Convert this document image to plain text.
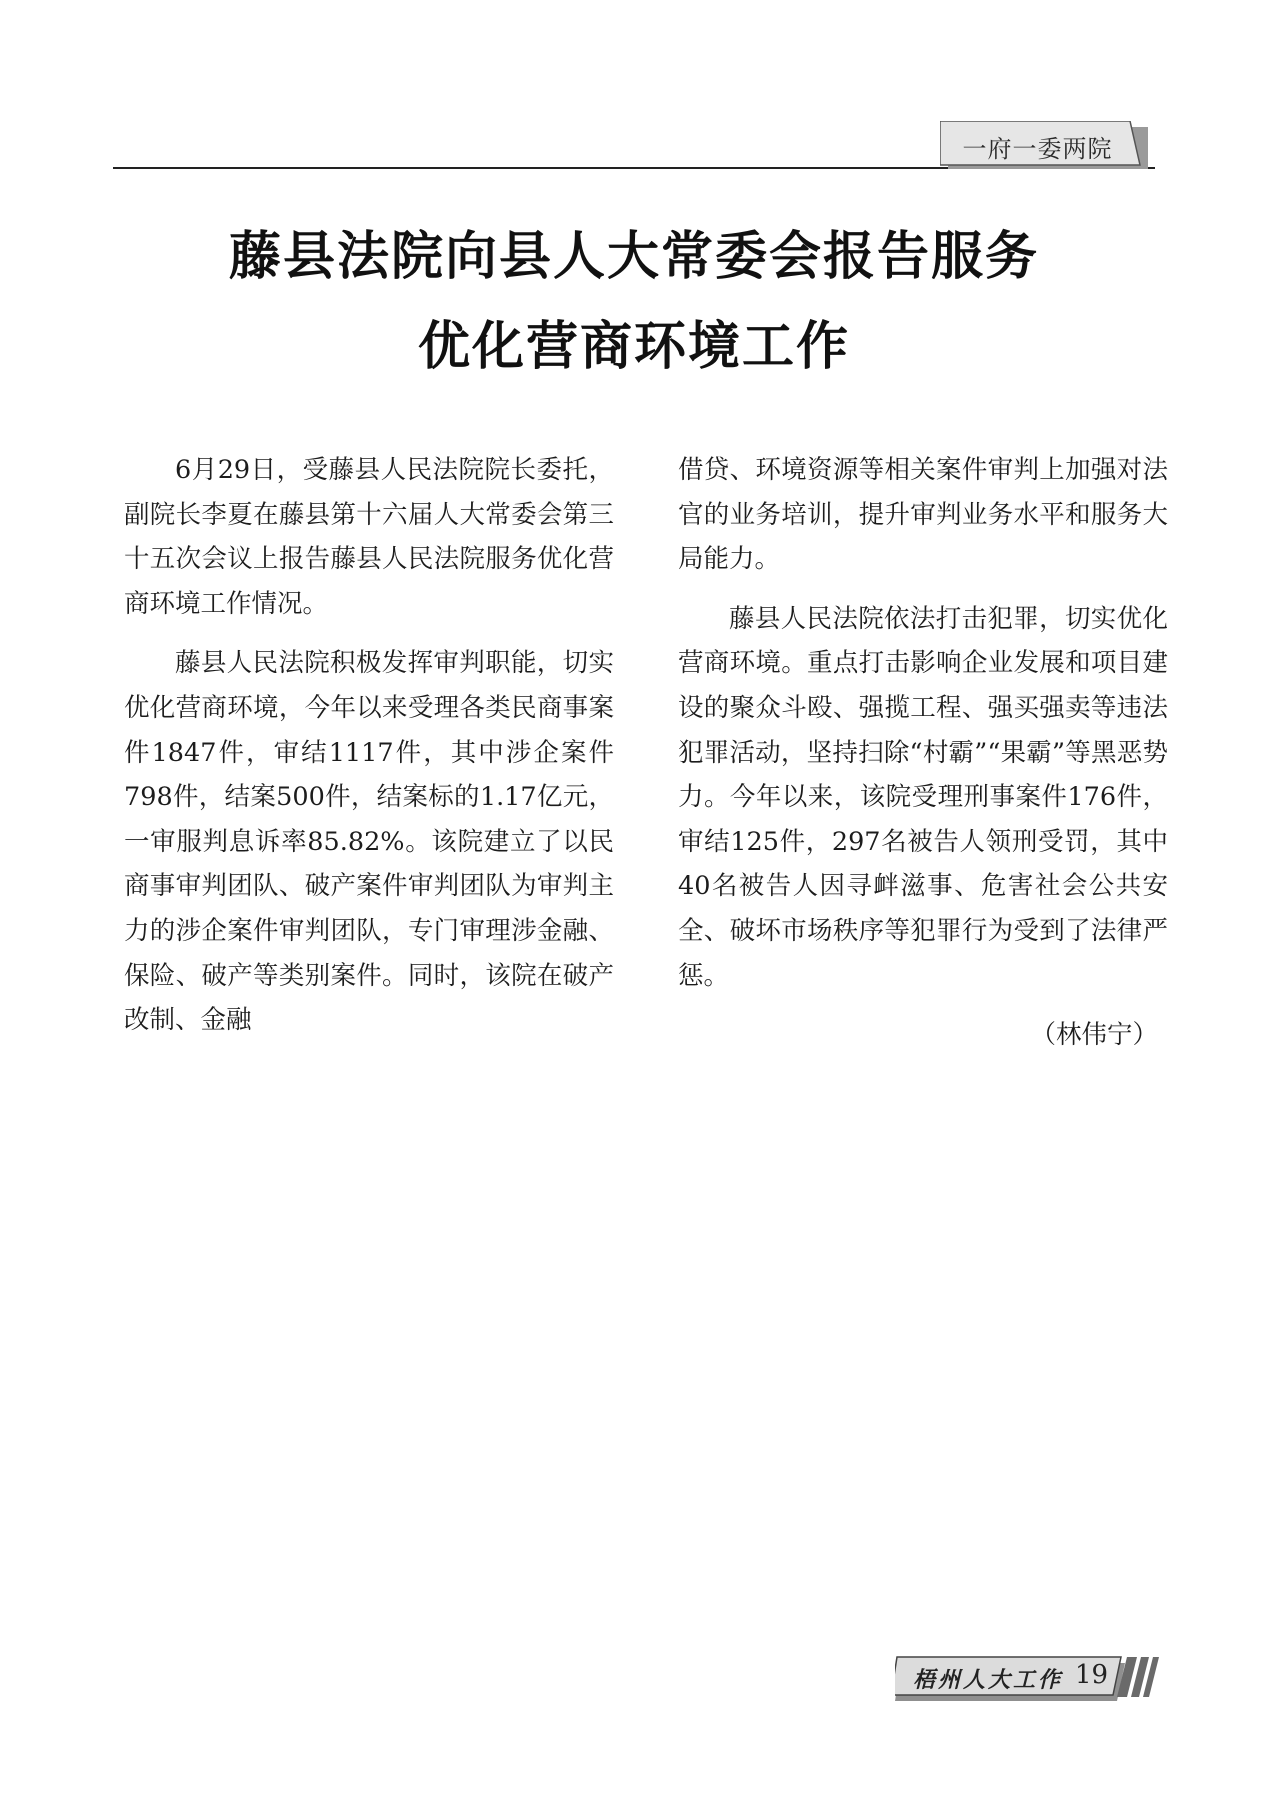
一府一委两院
藤县法院向县人大常委会报告服务
优化营商环境工作

6月29日，受藤县人民法院院长委托，副院长李夏在藤县第十六届人大常委会第三十五次会议上报告藤县人民法院服务优化营商环境工作情况。

藤县人民法院积极发挥审判职能，切实优化营商环境，今年以来受理各类民商事案件1847件，审结1117件，其中涉企案件798件，结案500件，结案标的1.17亿元，一审服判息诉率85.82%。该院建立了以民商事审判团队、破产案件审判团队为审判主力的涉企案件审判团队，专门审理涉金融、保险、破产等类别案件。同时，该院在破产改制、金融

借贷、环境资源等相关案件审判上加强对法官的业务培训，提升审判业务水平和服务大局能力。

藤县人民法院依法打击犯罪，切实优化营商环境。重点打击影响企业发展和项目建设的聚众斗殴、强揽工程、强买强卖等违法犯罪活动，坚持扫除“村霸”“果霸”等黑恶势力。今年以来，该院受理刑事案件176件，审结125件，297名被告人领刑受罚，其中40名被告人因寻衅滋事、危害社会公共安全、破坏市场秩序等犯罪行为受到了法律严惩。

（林伟宁）

梧州人大工作 19
